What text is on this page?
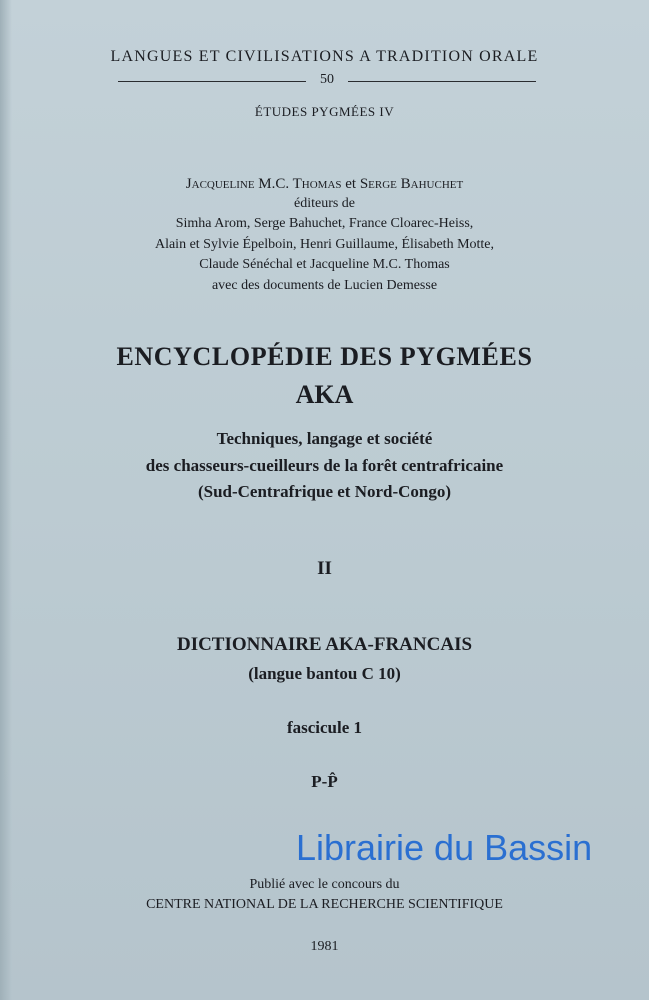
LANGUES ET CIVILISATIONS A TRADITION ORALE
50
ÉTUDES PYGMÉES IV
Jacqueline M.C. Thomas et Serge Bahuchet
éditeurs de
Simha Arom, Serge Bahuchet, France Cloarec-Heiss,
Alain et Sylvie Épelboin, Henri Guillaume, Élisabeth Motte,
Claude Sénéchal et Jacqueline M.C. Thomas
avec des documents de Lucien Demesse
ENCYCLOPÉDIE DES PYGMÉES
AKA
Techniques, langage et société
des chasseurs-cueilleurs de la forêt centrafricaine
(Sud-Centrafrique et Nord-Congo)
II
DICTIONNAIRE AKA-FRANCAIS
(langue bantou C 10)
fascicule 1
P-P̂
Librairie du Bassin
Publié avec le concours du
CENTRE NATIONAL DE LA RECHERCHE SCIENTIFIQUE
1981
